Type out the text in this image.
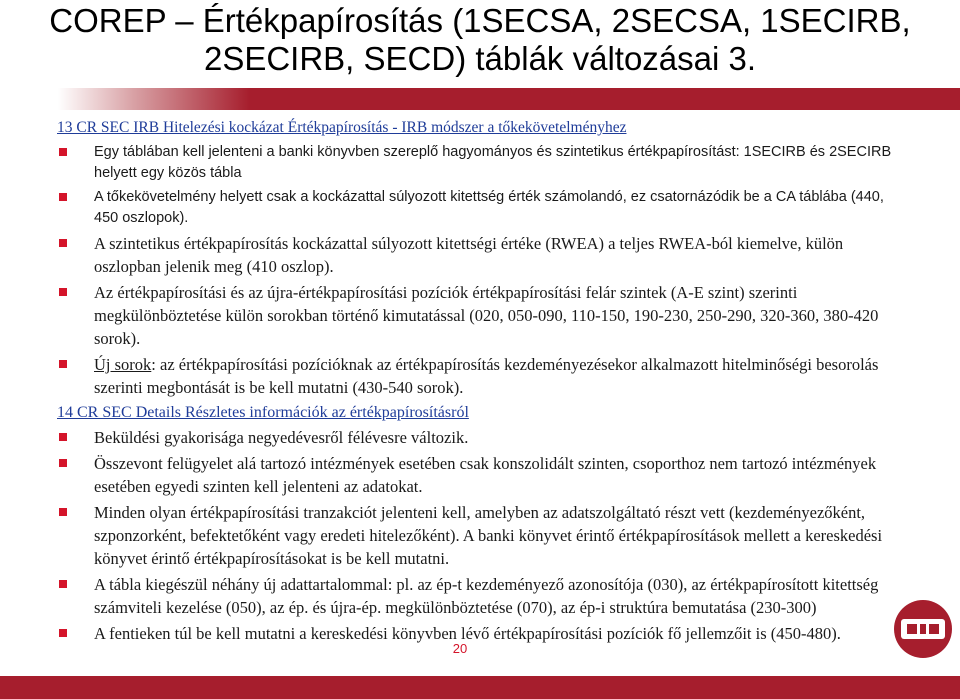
COREP – Értékpapírosítás (1SECSA, 2SECSA, 1SECIRB,
2SECIRB, SECD) táblák változásai 3.
13 CR SEC IRB Hitelezési kockázat Értékpapírosítás - IRB módszer a tőkekövetelményhez
Egy táblában kell jelenteni a banki könyvben szereplő hagyományos és szintetikus értékpapírosítást: 1SECIRB és 2SECIRB helyett egy közös tábla
A tőkekövetelmény helyett csak a kockázattal súlyozott kitettség érték számolandó, ez csatornázódik be a CA táblába (440, 450 oszlopok).
A szintetikus értékpapírosítás kockázattal súlyozott kitettségi értéke (RWEA) a teljes RWEA-ból kiemelve, külön oszlopban jelenik meg (410 oszlop).
Az értékpapírosítási és az újra-értékpapírosítási pozíciók értékpapírosítási felár szintek (A-E szint) szerinti megkülönböztetése külön sorokban történő kimutatással (020, 050-090, 110-150, 190-230, 250-290, 320-360, 380-420 sorok).
Új sorok: az értékpapírosítási pozícióknak az értékpapírosítás kezdeményezésekor alkalmazott hitelminőségi besorolás szerinti megbontását is be kell mutatni (430-540 sorok).
14 CR SEC Details Részletes információk az értékpapírosításról
Beküldési gyakorisága negyedévesről félévesre változik.
Összevont felügyelet alá tartozó intézmények esetében csak konszolidált szinten, csoporthoz nem tartozó intézmények esetében egyedi szinten kell jelenteni az adatokat.
Minden olyan értékpapírosítási tranzakciót jelenteni kell, amelyben az adatszolgáltató részt vett (kezdeményezőként, szponzorként, befektetőként vagy eredeti hitelezőként). A banki könyvet érintő értékpapírosítások mellett a kereskedési könyvet érintő értékpapírosításokat is be kell mutatni.
A tábla kiegészül néhány új adattartalommal: pl. az ép-t kezdeményező azonosítója (030), az értékpapírosított kitettség számviteli kezelése (050), az ép. és újra-ép. megkülönböztetése (070), az ép-i struktúra bemutatása (230-300)
A fentieken túl be kell mutatni a kereskedési könyvben lévő értékpapírosítási pozíciók fő jellemzőit is (450-480).
20
